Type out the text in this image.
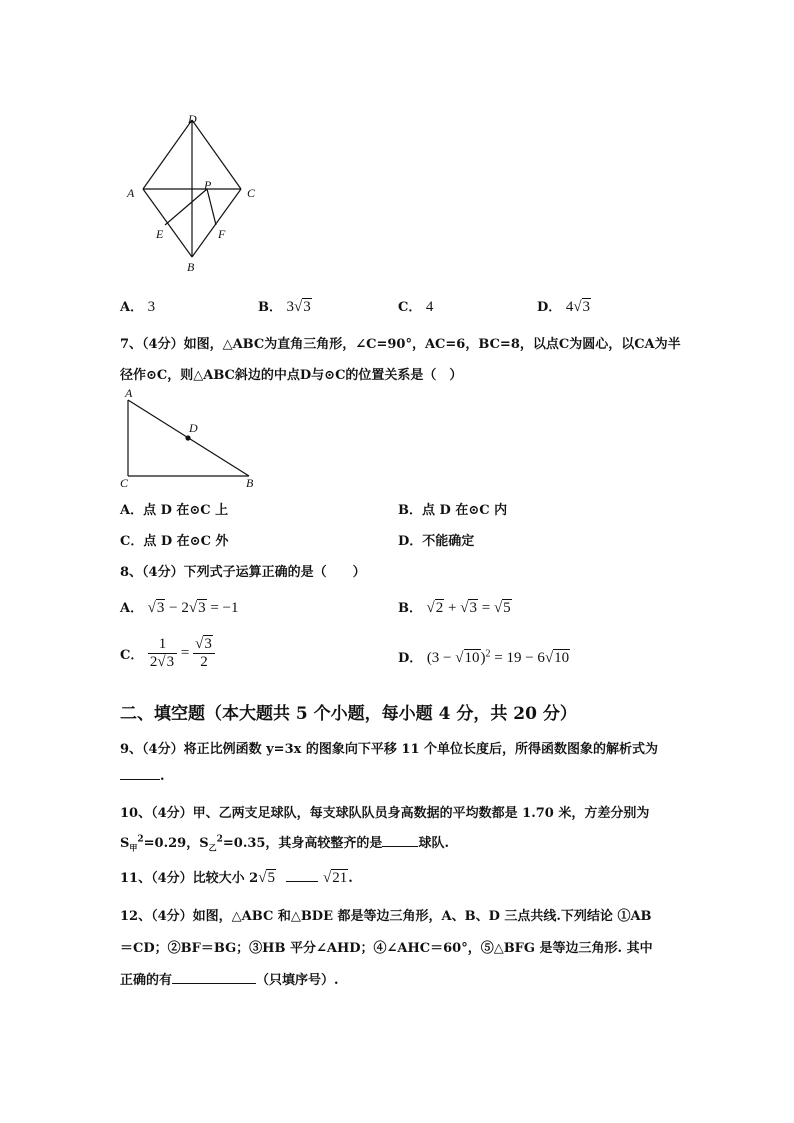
D
A
P
C
E	F
B
A． 3	B． 3√3	C． 4	D． 4√3
7、（4分）如图，△ABC为直角三角形，∠C=90°，AC=6，BC=8，以点C为圆心，以CA为半
径作⊙C，则△ABC斜边的中点D与⊙C的位置关系是（　）
A
D
C	B
A．点 D 在⊙C 上	B．点 D 在⊙C 内
C．点 D 在⊙C 外	D．不能确定
8、（4分）下列式子运算正确的是（　　）
A． √3 − 2√3 = −1	B． √2 + √3 = √5
C． $\frac{1}{2√3} = \frac{√3}{2}$	D． $(3 - √10)^2 = 19 - 6√10$
二、填空题（本大题共 5 个小题，每小题 4 分，共 20 分）
9、（4分）将正比例函数 y=3x 的图象向下平移 11 个单位长度后，所得函数图象的解析式为
.
10、（4分）甲、乙两支足球队，每支球队队员身高数据的平均数都是 1.70 米，方差分别为
$S_甲^2=0.29$，$S_乙^2=0.35$，其身高较整齐的是	球队.
11、（4分）比较大小 2√5	√21.
12、（4分）如图，△ABC 和△BDE 都是等边三角形，A、B、D 三点共线.下列结论 ①AB
＝CD；②BF＝BG；③HB 平分∠AHD；④∠AHC＝60°，⑤△BFG 是等边三角形. 其中
正确的有	（只填序号）.
